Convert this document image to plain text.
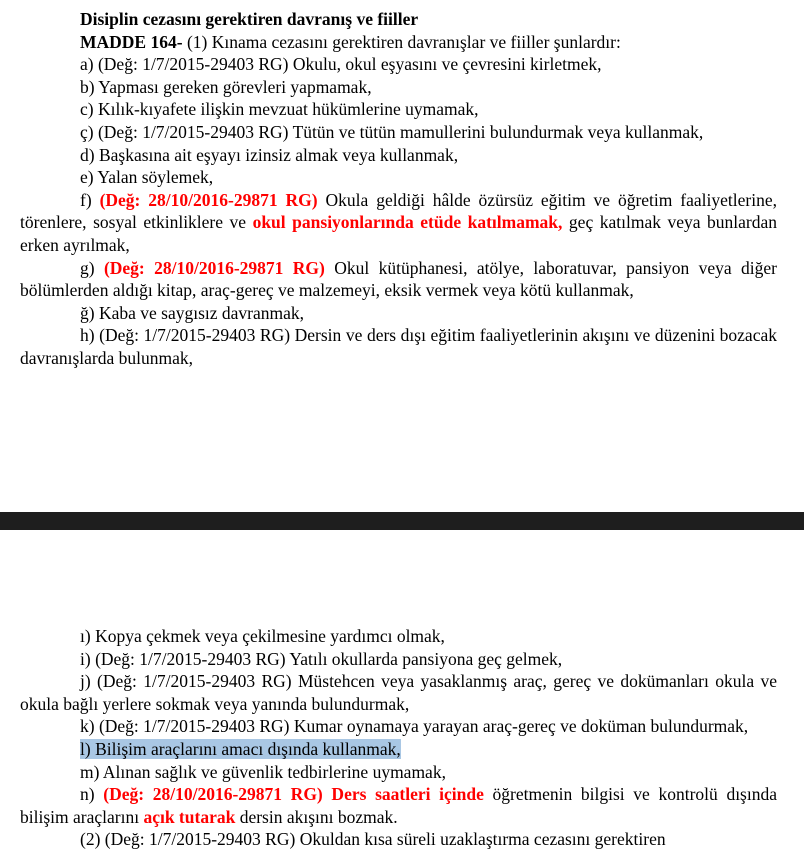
Disiplin cezasını gerektiren davranış ve fiiller

MADDE 164- (1) Kınama cezasını gerektiren davranışlar ve fiiller şunlardır:

a) (Değ: 1/7/2015-29403 RG) Okulu, okul eşyasını ve çevresini kirletmek,

b) Yapması gereken görevleri yapmamak,

c) Kılık-kıyafete ilişkin mevzuat hükümlerine uymamak,

ç) (Değ: 1/7/2015-29403 RG) Tütün ve tütün mamullerini bulundurmak veya kullanmak,

d) Başkasına ait eşyayı izinsiz almak veya kullanmak,

e) Yalan söylemek,

f) (Değ: 28/10/2016-29871 RG) Okula geldiği hâlde özürsüz eğitim ve öğretim faaliyetlerine, törenlere, sosyal etkinliklere ve okul pansiyonlarında etüde katılmamak, geç katılmak veya bunlardan erken ayrılmak,

g) (Değ: 28/10/2016-29871 RG) Okul kütüphanesi, atölye, laboratuvar, pansiyon veya diğer bölümlerden aldığı kitap, araç-gereç ve malzemeyi, eksik vermek veya kötü kullanmak,

ğ) Kaba ve saygısız davranmak,

h) (Değ: 1/7/2015-29403 RG) Dersin ve ders dışı eğitim faaliyetlerinin akışını ve düzenini bozacak davranışlarda bulunmak,

ı) Kopya çekmek veya çekilmesine yardımcı olmak,

i) (Değ: 1/7/2015-29403 RG) Yatılı okullarda pansiyona geç gelmek,

j) (Değ: 1/7/2015-29403 RG) Müstehcen veya yasaklanmış araç, gereç ve dokümanları okula ve okula bağlı yerlere sokmak veya yanında bulundurmak,

k) (Değ: 1/7/2015-29403 RG) Kumar oynamaya yarayan araç-gereç ve doküman bulundurmak,

l) Bilişim araçlarını amacı dışında kullanmak,

m) Alınan sağlık ve güvenlik tedbirlerine uymamak,

n) (Değ: 28/10/2016-29871 RG) Ders saatleri içinde öğretmenin bilgisi ve kontrolü dışında bilişim araçlarını açık tutarak dersin akışını bozmak.

(2) (Değ: 1/7/2015-29403 RG) Okuldan kısa süreli uzaklaştırma cezasını gerektiren
